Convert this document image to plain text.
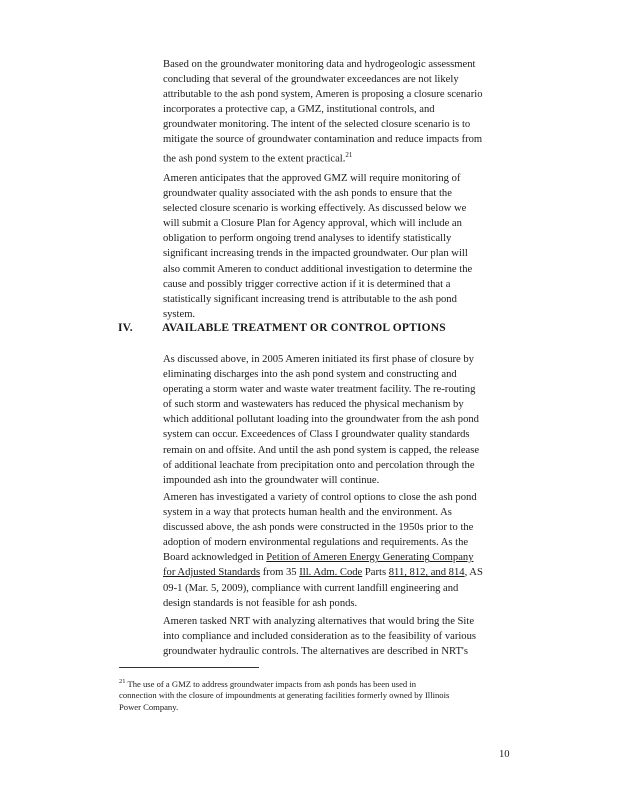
Based on the groundwater monitoring data and hydrogeologic assessment
concluding that several of the groundwater exceedances are not likely
attributable to the ash pond system, Ameren is proposing a closure scenario
incorporates a protective cap, a GMZ, institutional controls, and
groundwater monitoring. The intent of the selected closure scenario is to
mitigate the source of groundwater contamination and reduce impacts from
the ash pond system to the extent practical.$^{21}$

Ameren anticipates that the approved GMZ will require monitoring of
groundwater quality associated with the ash ponds to ensure that the
selected closure scenario is working effectively. As discussed below we
will submit a Closure Plan for Agency approval, which will include an
obligation to perform ongoing trend analyses to identify statistically
significant increasing trends in the impacted groundwater. Our plan will
also commit Ameren to conduct additional investigation to determine the
cause and possibly trigger corrective action if it is determined that a
statistically significant increasing trend is attributable to the ash pond
system.

IV.	AVAILABLE TREATMENT OR CONTROL OPTIONS

As discussed above, in 2005 Ameren initiated its first phase of closure by
eliminating discharges into the ash pond system and constructing and
operating a storm water and waste water treatment facility. The re-routing
of such storm and wastewaters has reduced the physical mechanism by
which additional pollutant loading into the groundwater from the ash pond
system can occur. Exceedences of Class I groundwater quality standards
remain on and offsite. And until the ash pond system is capped, the release
of additional leachate from precipitation onto and percolation through the
impounded ash into the groundwater will continue.

Ameren has investigated a variety of control options to close the ash pond
system in a way that protects human health and the environment. As
discussed above, the ash ponds were constructed in the 1950s prior to the
adoption of modern environmental regulations and requirements. As the
Board acknowledged in Petition of Ameren Energy Generating Company
for Adjusted Standards from 35 Ill. Adm. Code Parts 811, 812, and 814, AS
09-1 (Mar. 5, 2009), compliance with current landfill engineering and
design standards is not feasible for ash ponds.

Ameren tasked NRT with analyzing alternatives that would bring the Site
into compliance and included consideration as to the feasibility of various
groundwater hydraulic controls. The alternatives are described in NRT's

$^{21}$ The use of a GMZ to address groundwater impacts from ash ponds has been used in
connection with the closure of impoundments at generating facilities formerly owned by Illinois
Power Company.
10
